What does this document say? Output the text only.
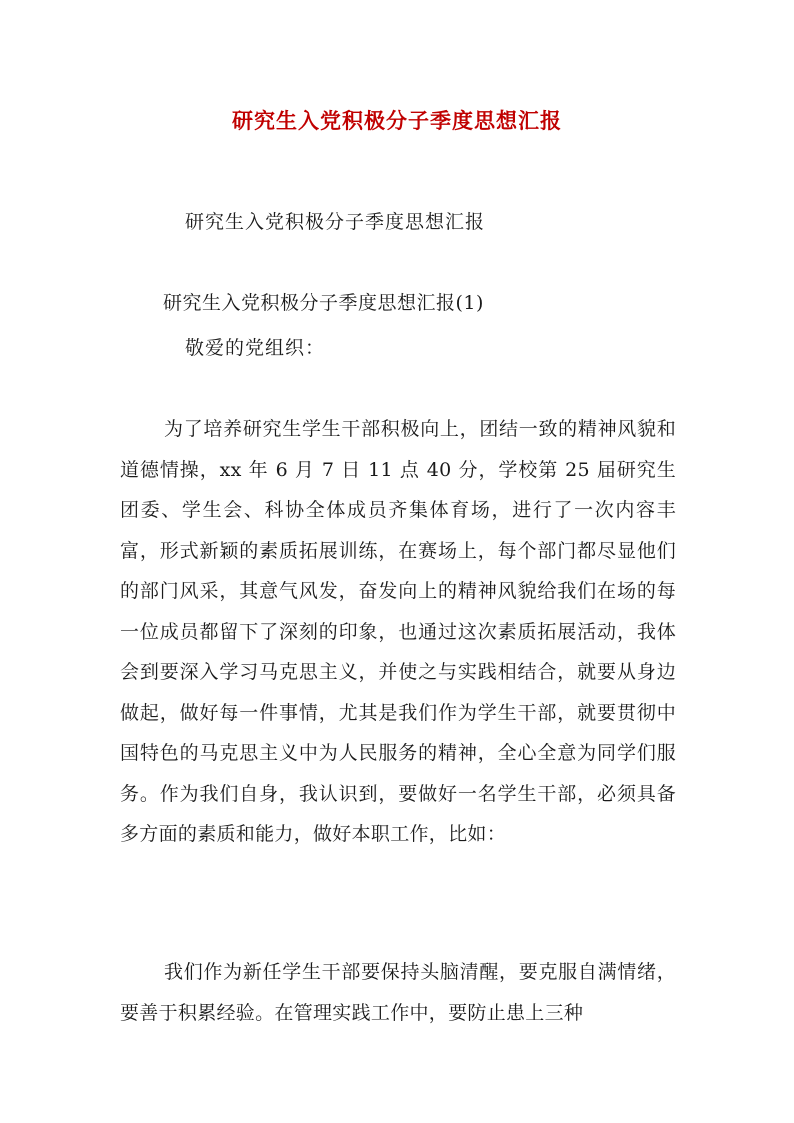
研究生入党积极分子季度思想汇报
研究生入党积极分子季度思想汇报
研究生入党积极分子季度思想汇报(1)
敬爱的党组织：

为了培养研究生学生干部积极向上，团结一致的精神风貌和道德情操，xx 年 6 月 7 日 11 点 40 分，学校第 25 届研究生团委、学生会、科协全体成员齐集体育场，进行了一次内容丰富，形式新颖的素质拓展训练，在赛场上，每个部门都尽显他们的部门风采，其意气风发，奋发向上的精神风貌给我们在场的每一位成员都留下了深刻的印象，也通过这次素质拓展活动，我体会到要深入学习马克思主义，并使之与实践相结合，就要从身边做起，做好每一件事情，尤其是我们作为学生干部，就要贯彻中国特色的马克思主义中为人民服务的精神，全心全意为同学们服务。作为我们自身，我认识到，要做好一名学生干部，必须具备多方面的素质和能力，做好本职工作，比如：

我们作为新任学生干部要保持头脑清醒，要克服自满情绪，要善于积累经验。在管理实践工作中，要防止患上三种
